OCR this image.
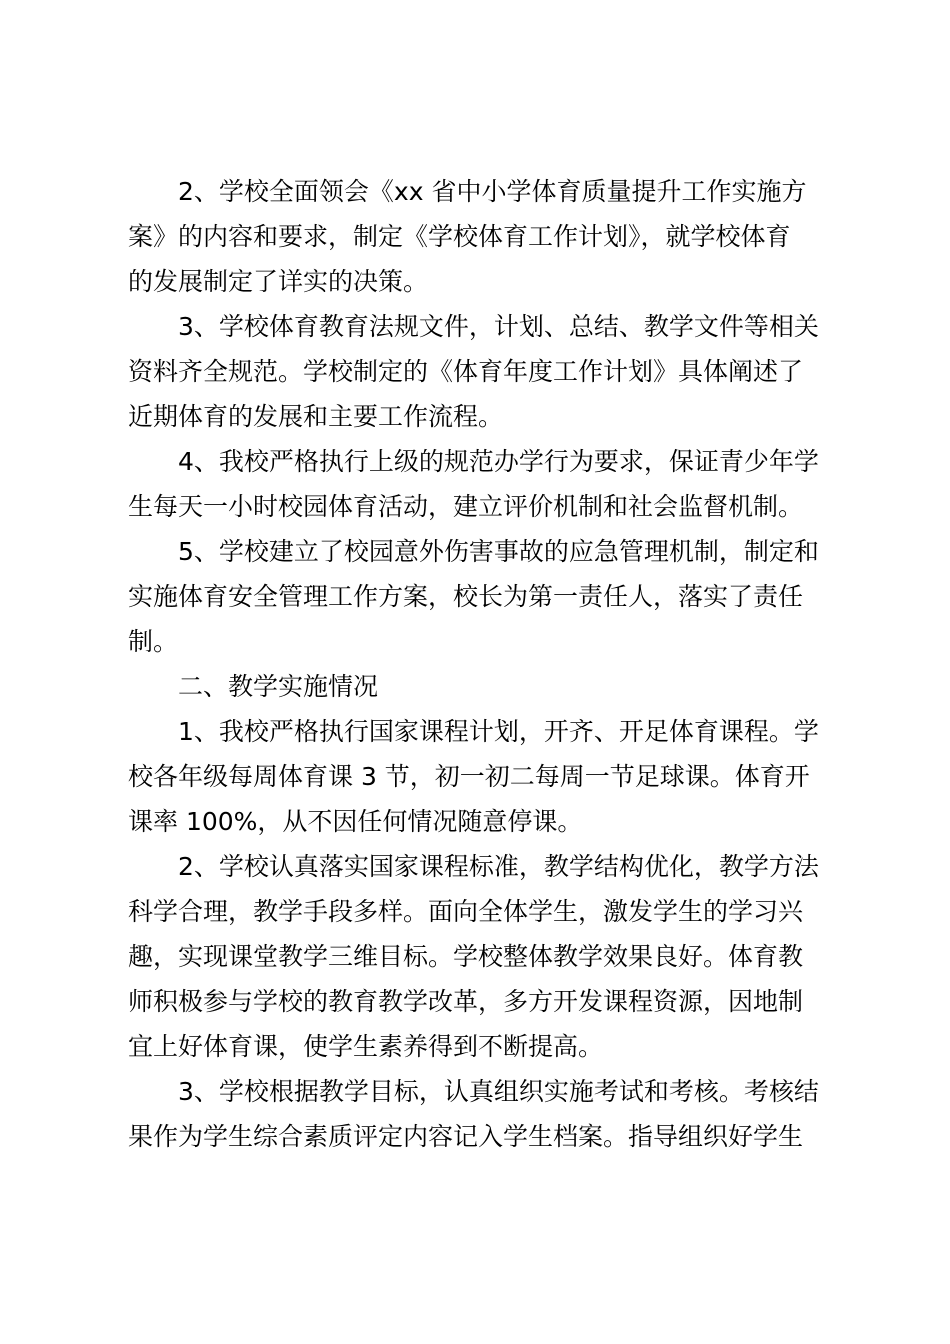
2、学校全面领会《xx 省中小学体育质量提升工作实施方
案》的内容和要求，制定《学校体育工作计划》，就学校体育
的发展制定了详实的决策。
3、学校体育教育法规文件，计划、总结、教学文件等相关
资料齐全规范。学校制定的《体育年度工作计划》具体阐述了
近期体育的发展和主要工作流程。
4、我校严格执行上级的规范办学行为要求，保证青少年学
生每天一小时校园体育活动，建立评价机制和社会监督机制。
5、学校建立了校园意外伤害事故的应急管理机制，制定和
实施体育安全管理工作方案，校长为第一责任人，落实了责任
制。
二、教学实施情况
1、我校严格执行国家课程计划，开齐、开足体育课程。学
校各年级每周体育课 3 节，初一初二每周一节足球课。体育开
课率 100%，从不因任何情况随意停课。
2、学校认真落实国家课程标准，教学结构优化，教学方法
科学合理，教学手段多样。面向全体学生，激发学生的学习兴
趣，实现课堂教学三维目标。学校整体教学效果良好。体育教
师积极参与学校的教育教学改革，多方开发课程资源，因地制
宜上好体育课，使学生素养得到不断提高。
3、学校根据教学目标，认真组织实施考试和考核。考核结
果作为学生综合素质评定内容记入学生档案。指导组织好学生
